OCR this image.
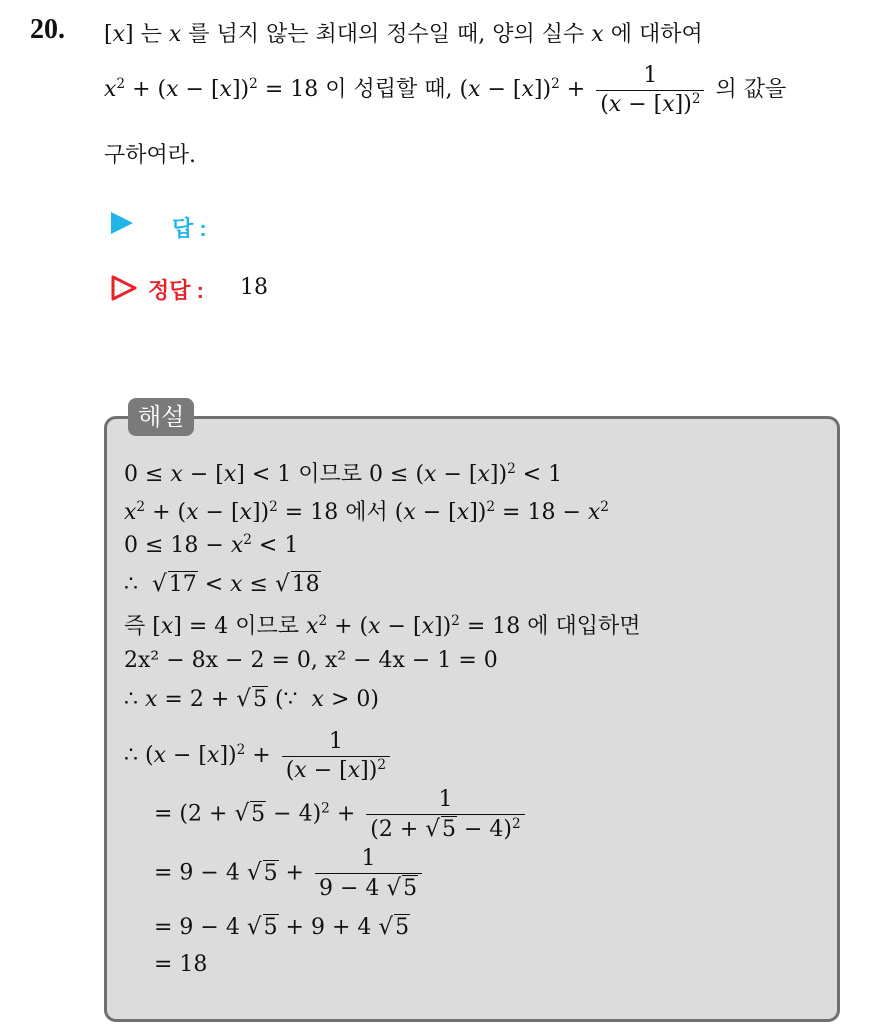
20. [x] 는 x 를 넘지 않는 최대의 정수일 때, 양의 실수 x 에 대하여
$x^2 + (x - [x])^2 = 18$ 이 성립할 때, $(x - [x])^2 + \frac{1}{(x - [x])^2}$ 의 값을
구하여라.
답 :
정답 : 18
해설
0 ≤ x − [x] < 1 이므로 $0 \le (x - [x])^2 < 1$
$x^2 + (x - [x])^2 = 18$ 에서 $(x - [x])^2 = 18 - x^2$
$0 \le 18 - x^2 < 1$
∴  √17 < x ≤ √18
즉 [x] = 4 이므로 $x^2 + (x - [x])^2 = 18$ 에 대입하면
2x² − 8x − 2 = 0, x² − 4x − 1 = 0
∴ x = 2 + √5 (∵  x > 0)
∴ $(x - [x])^2 + \frac{1}{(x - [x])^2}$
= $(2 + √5 - 4)^2 + \frac{1}{(2 + √5 - 4)^2}$
= 9 − 4 $√5 + \frac{1}{9 - 4 √5}$
= 9 − 4 √5 + 9 + 4 √5
= 18
